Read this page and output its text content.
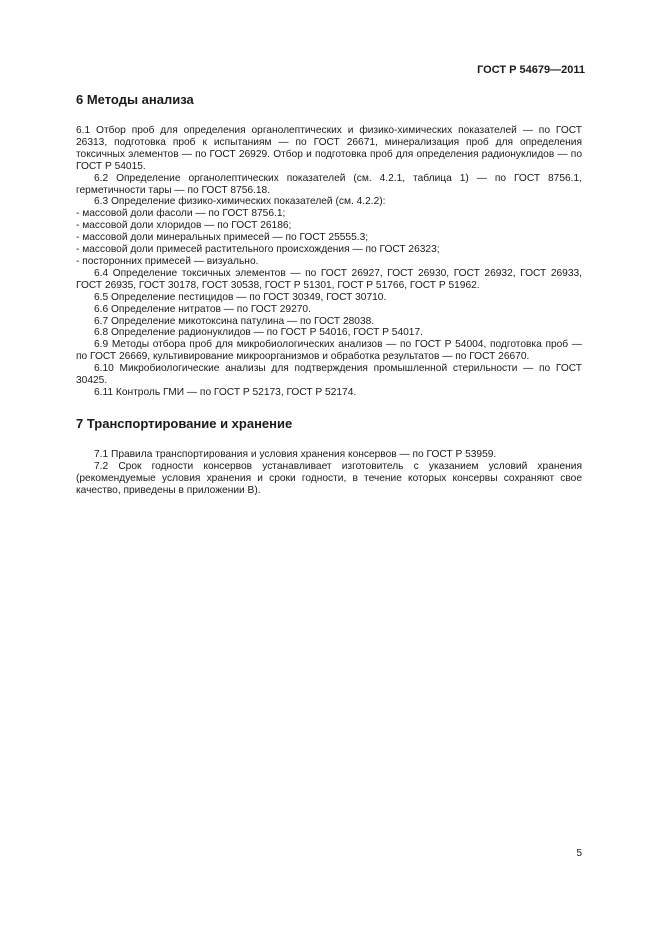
ГОСТ Р 54679—2011
6 Методы анализа

6.1 Отбор проб для определения органолептических и физико-химических показателей — по ГОСТ 26313, подготовка проб к испытаниям — по ГОСТ 26671, минерализация проб для определения токсичных элементов — по ГОСТ 26929. Отбор и подготовка проб для определения радионуклидов — по ГОСТ Р 54015.

6.2 Определение органолептических показателей (см. 4.2.1, таблица 1) — по ГОСТ 8756.1, герметичности тары — по ГОСТ 8756.18.

6.3 Определение физико-химических показателей (см. 4.2.2):

- массовой доли фасоли — по ГОСТ 8756.1;

- массовой доли хлоридов — по ГОСТ 26186;

- массовой доли минеральных примесей — по ГОСТ 25555.3;

- массовой доли примесей растительного происхождения — по ГОСТ 26323;

- посторонних примесей — визуально.

6.4 Определение токсичных элементов — по ГОСТ 26927, ГОСТ 26930, ГОСТ 26932, ГОСТ 26933, ГОСТ 26935, ГОСТ 30178, ГОСТ 30538, ГОСТ Р 51301, ГОСТ Р 51766, ГОСТ Р 51962.

6.5 Определение пестицидов — по ГОСТ 30349, ГОСТ 30710.

6.6 Определение нитратов — по ГОСТ 29270.

6.7 Определение микотоксина патулина — по ГОСТ 28038.

6.8 Определение радионуклидов — по ГОСТ Р 54016, ГОСТ Р 54017.

6.9 Методы отбора проб для микробиологических анализов — по ГОСТ Р 54004, подготовка проб — по ГОСТ 26669, культивирование микроорганизмов и обработка результатов — по ГОСТ 26670.

6.10 Микробиологические анализы для подтверждения промышленной стерильности — по ГОСТ 30425.

6.11 Контроль ГМИ — по ГОСТ Р 52173, ГОСТ Р 52174.

7 Транспортирование и хранение

7.1 Правила транспортирования и условия хранения консервов — по ГОСТ Р 53959.

7.2 Срок годности консервов устанавливает изготовитель с указанием условий хранения (рекомендуемые условия хранения и сроки годности, в течение которых консервы сохраняют свое качество, приведены в приложении В).

5
